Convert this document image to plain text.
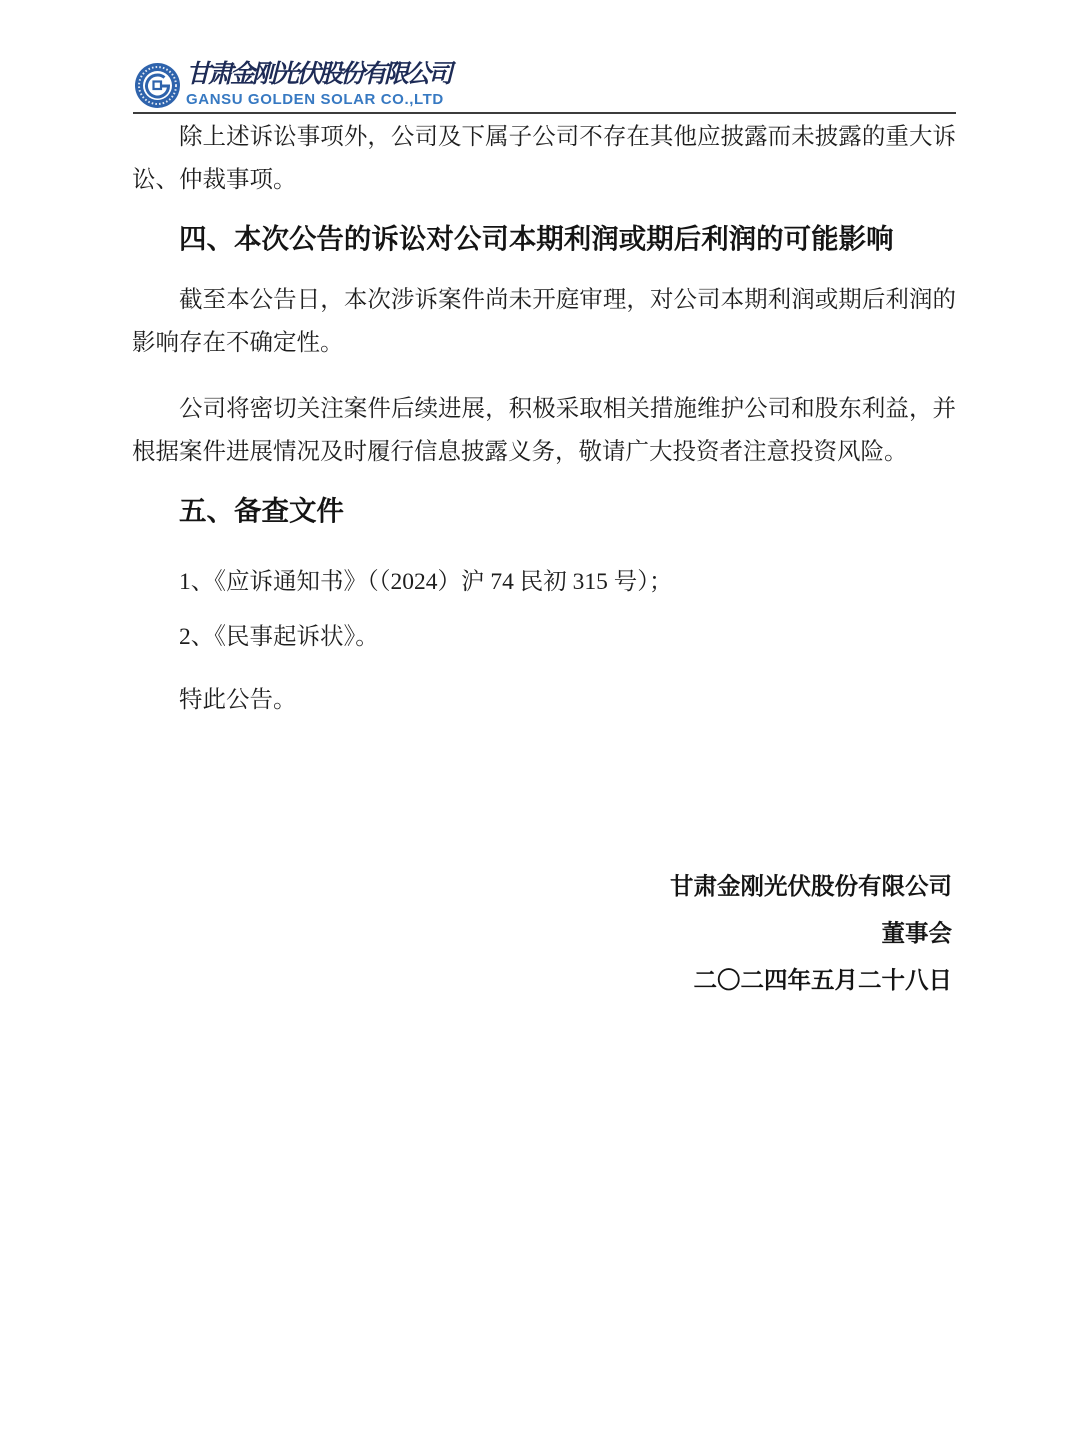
甘肃金刚光伏股份有限公司
GANSU GOLDEN SOLAR CO.,LTD

除上述诉讼事项外，公司及下属子公司不存在其他应披露而未披露的重大诉讼、仲裁事项。

四、本次公告的诉讼对公司本期利润或期后利润的可能影响

截至本公告日，本次涉诉案件尚未开庭审理，对公司本期利润或期后利润的影响存在不确定性。

公司将密切关注案件后续进展，积极采取相关措施维护公司和股东利益，并根据案件进展情况及时履行信息披露义务，敬请广大投资者注意投资风险。

五、备查文件

1、《应诉通知书》（（2024）沪 74 民初 315 号）；

2、《民事起诉状》。

特此公告。

甘肃金刚光伏股份有限公司
董事会
二〇二四年五月二十八日
